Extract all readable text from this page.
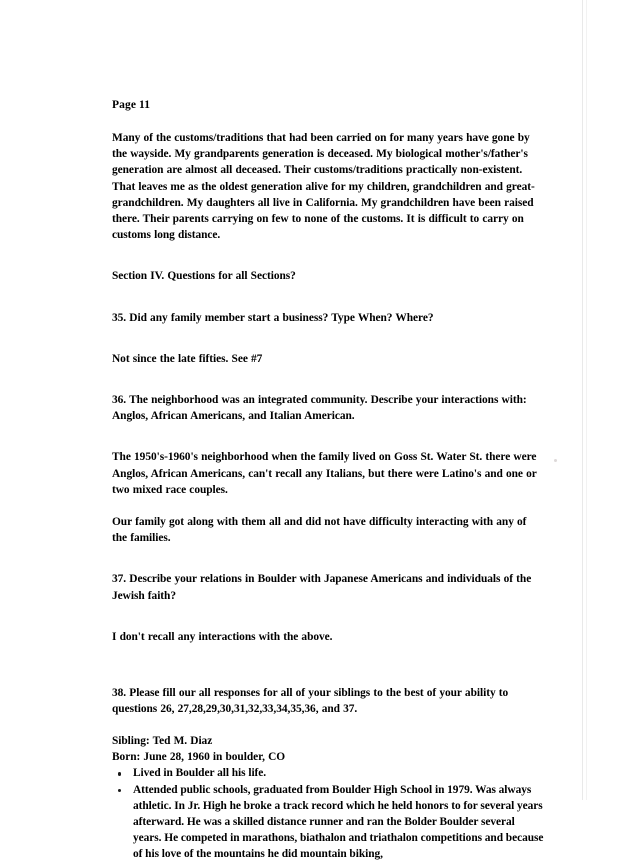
Page 11

Many of the customs/traditions that had been carried on for many years have gone by the wayside. My grandparents generation is deceased. My biological mother's/father's generation are almost all deceased. Their customs/traditions practically non-existent. That leaves me as the oldest generation alive for my children, grandchildren and great-grandchildren. My daughters all live in California. My grandchildren have been raised there. Their parents carrying on few to none of the customs. It is difficult to carry on customs long distance.

Section IV. Questions for all Sections?

35. Did any family member start a business? Type When? Where?

Not since the late fifties. See #7

36. The neighborhood was an integrated community. Describe your interactions with: Anglos, African Americans, and Italian American.

The 1950's-1960's neighborhood when the family lived on Goss St. Water St. there were Anglos, African Americans, can't recall any Italians, but there were Latino's and one or two mixed race couples.

Our family got along with them all and did not have difficulty interacting with any of the families.

37. Describe your relations in Boulder with Japanese Americans and individuals of the Jewish faith?

I don't recall any interactions with the above.

38. Please fill our all responses for all of your siblings to the best of your ability to questions 26, 27,28,29,30,31,32,33,34,35,36, and 37.

Sibling: Ted M. Diaz

Born: June 28, 1960 in boulder, CO

Lived in Boulder all his life.
Attended public schools, graduated from Boulder High School in 1979. Was always athletic. In Jr. High he broke a track record which he held honors to for several years afterward. He was a skilled distance runner and ran the Bolder Boulder several years. He competed in marathons, biathalon and triathalon competitions and because of his love of the mountains he did mountain biking,
